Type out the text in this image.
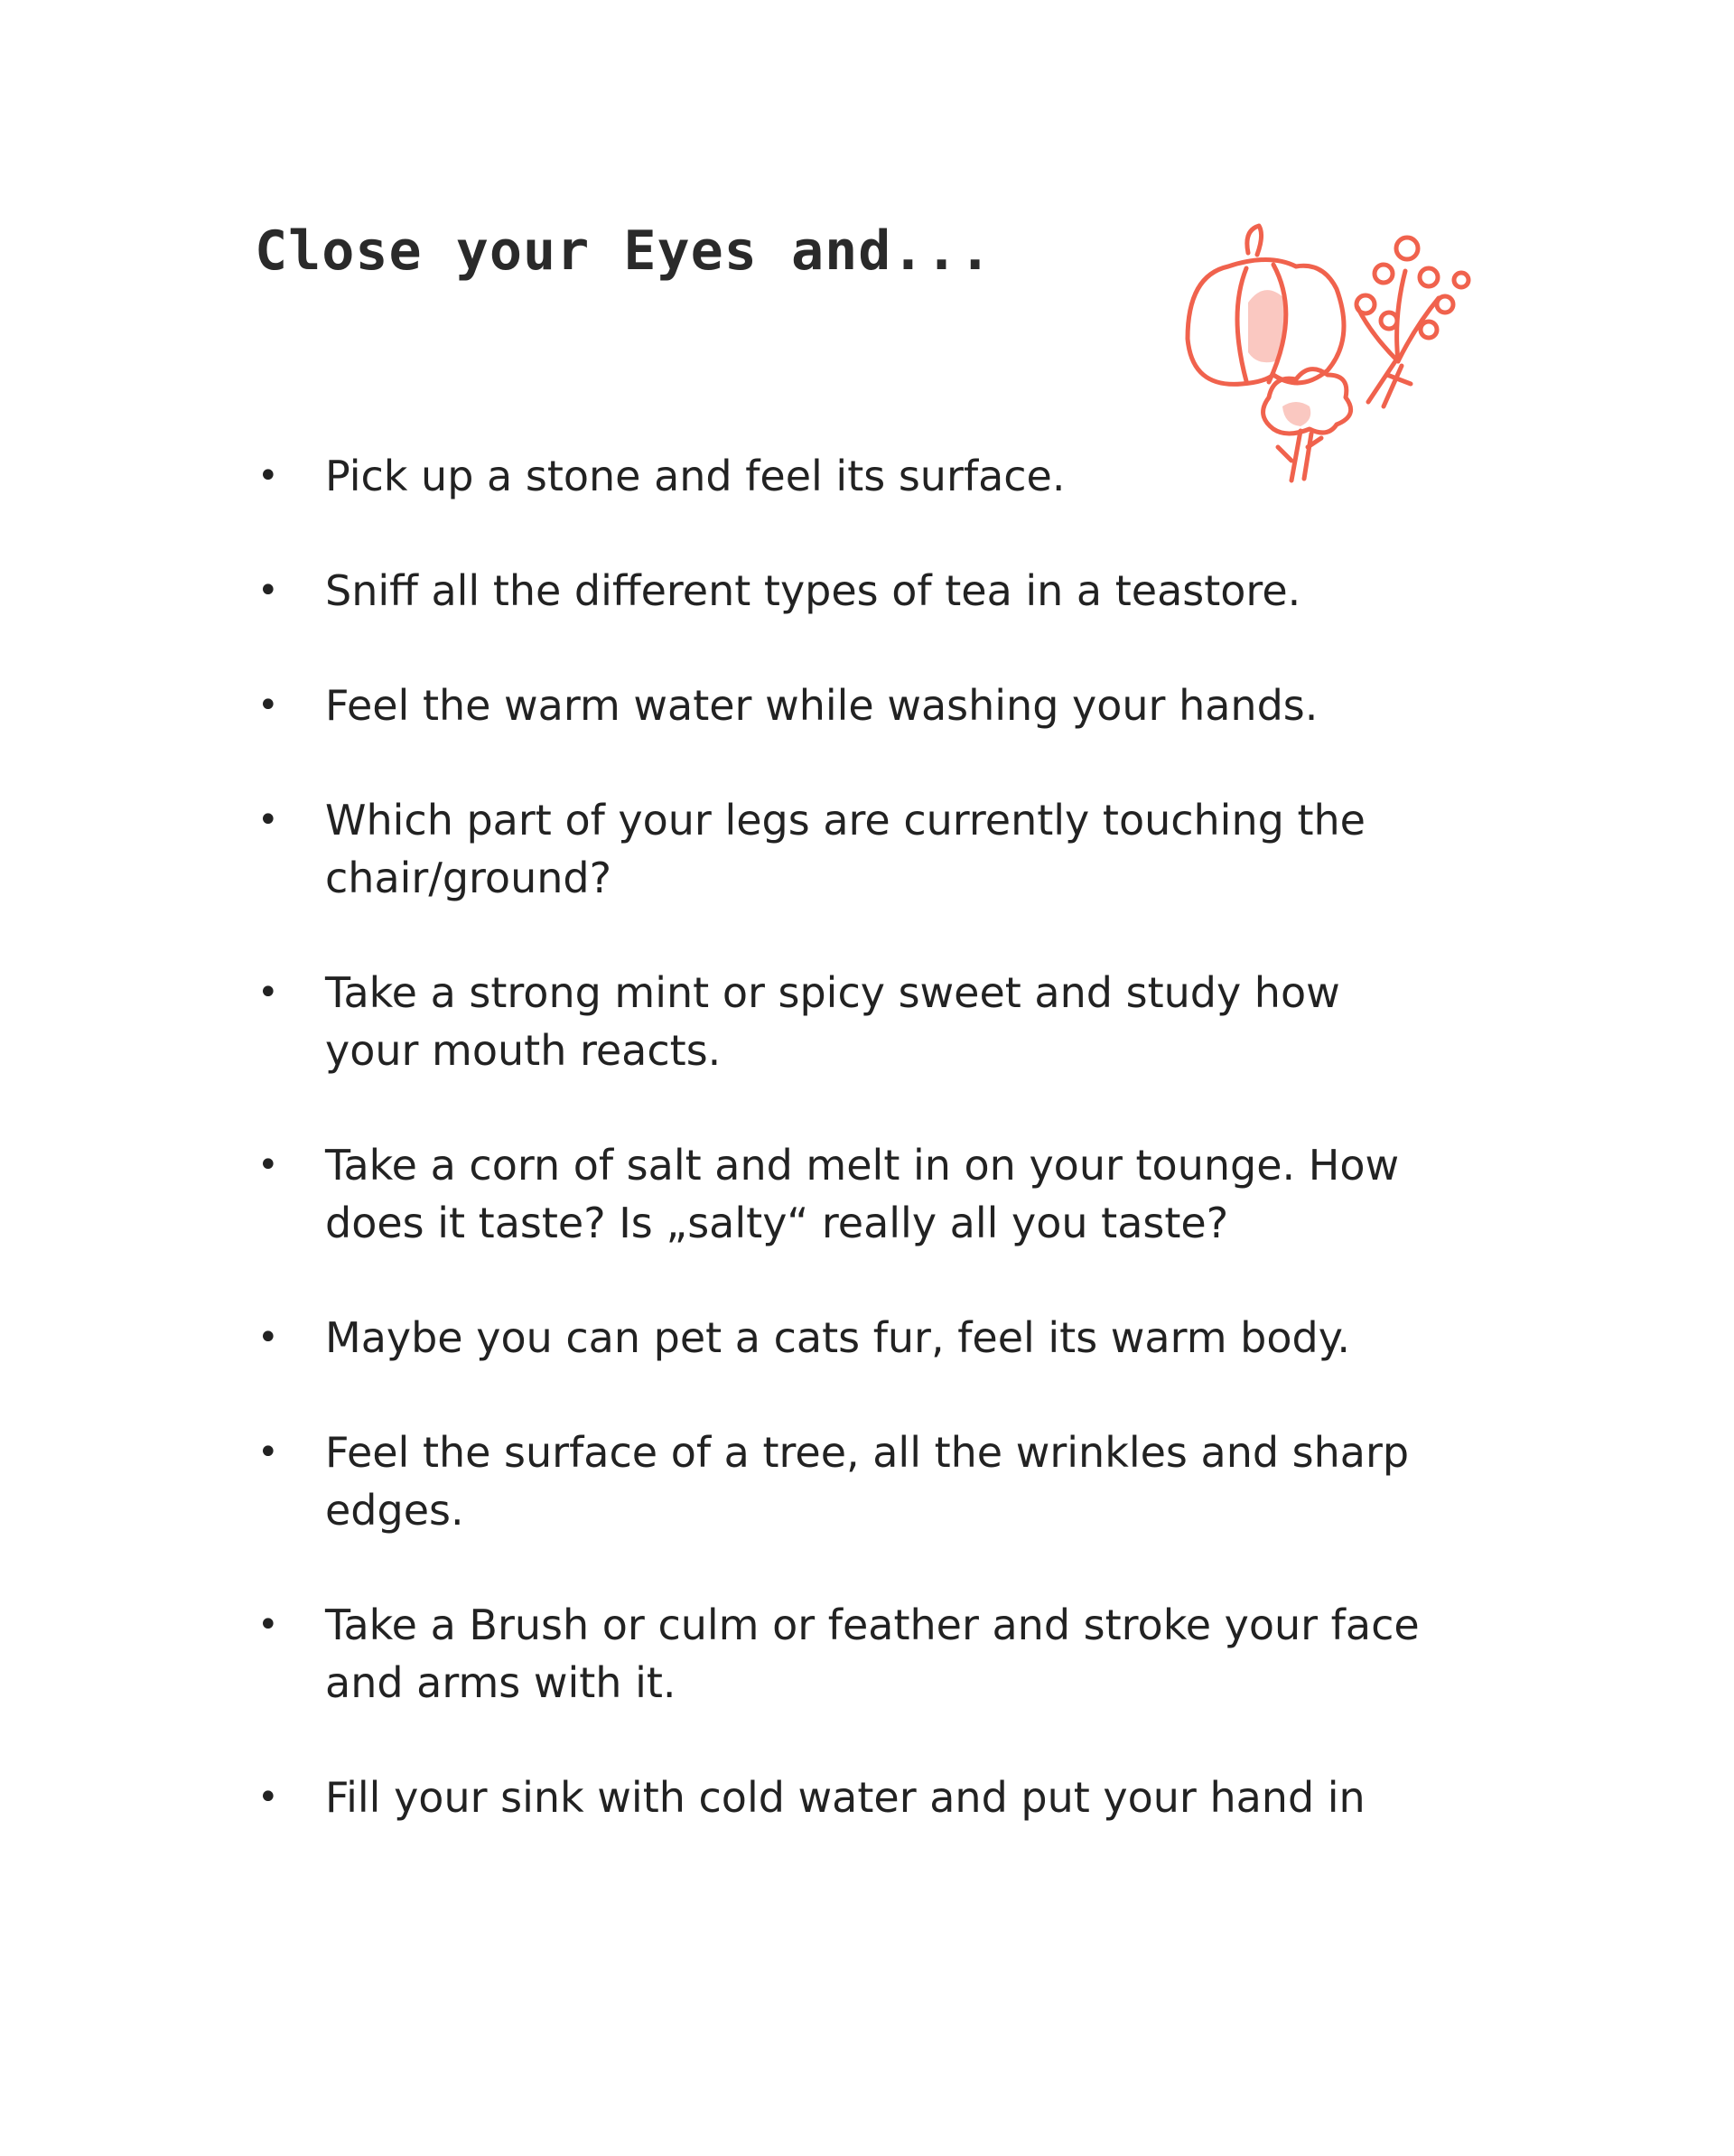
Close your Eyes and...
•	Pick up a stone and feel its surface.
•	Sniff all the different types of tea in a teastore.
•	Feel the warm water while washing your hands.
•	Which part of your legs are currently touching the chair/ground?
•	Take a strong mint or spicy sweet and study how your mouth reacts.
•	Take a corn of salt and melt in on your tounge. How does it taste? Is „salty“ really all you taste?
•	Maybe you can pet a cats fur, feel its warm body.
•	Feel the surface of a tree, all the wrinkles and sharp edges.
•	Take a Brush or culm or feather and stroke your face and arms with it.
•	Fill your sink with cold water and put your hand in
